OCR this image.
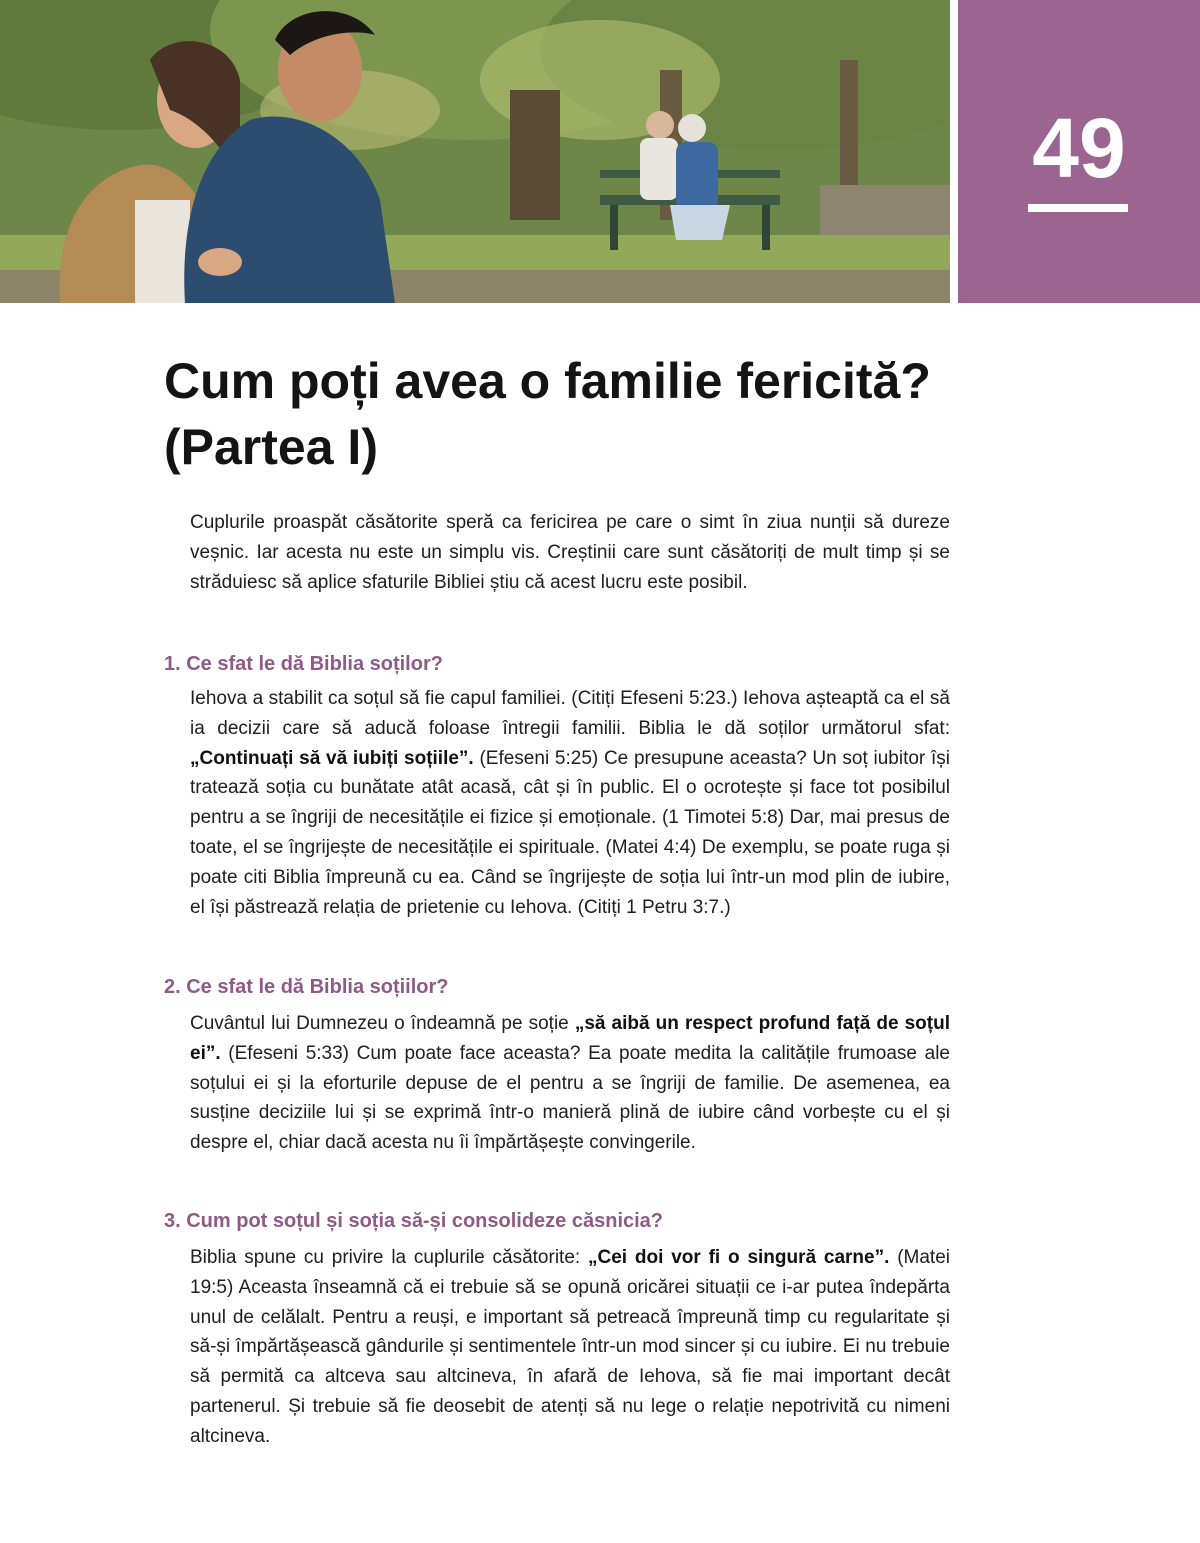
49
Cum poți avea o familie fericită? (Partea I)

Cuplurile proaspăt căsătorite speră ca fericirea pe care o simt în ziua nunții să dureze veșnic. Iar acesta nu este un simplu vis. Creștinii care sunt căsătoriți de mult timp și se străduiesc să aplice sfaturile Bibliei știu că acest lucru este posibil.

1. Ce sfat le dă Biblia soților?

Iehova a stabilit ca soțul să fie capul familiei. (Citiți Efeseni 5:23.) Iehova așteaptă ca el să ia decizii care să aducă foloase întregii familii. Biblia le dă soților următorul sfat: „Continuați să vă iubiți soțiile”. (Efeseni 5:25) Ce presupune aceasta? Un soț iubitor își tratează soția cu bunătate atât acasă, cât și în public. El o ocrotește și face tot posibilul pentru a se îngriji de necesitățile ei fizice și emoționale. (1 Timotei 5:8) Dar, mai presus de toate, el se îngrijește de necesitățile ei spirituale. (Matei 4:4) De exemplu, se poate ruga și poate citi Biblia împreună cu ea. Când se îngrijește de soția lui într-un mod plin de iubire, el își păstrează relația de prietenie cu Iehova. (Citiți 1 Petru 3:7.)

2. Ce sfat le dă Biblia soțiilor?

Cuvântul lui Dumnezeu o îndeamnă pe soție „să aibă un respect profund față de soțul ei”. (Efeseni 5:33) Cum poate face aceasta? Ea poate medita la calitățile frumoase ale soțului ei și la eforturile depuse de el pentru a se îngriji de familie. De asemenea, ea susține deciziile lui și se exprimă într-o manieră plină de iubire când vorbește cu el și despre el, chiar dacă acesta nu îi împărtășește convingerile.

3. Cum pot soțul și soția să-și consolideze căsnicia?

Biblia spune cu privire la cuplurile căsătorite: „Cei doi vor fi o singură carne”. (Matei 19:5) Aceasta înseamnă că ei trebuie să se opună oricărei situații ce i-ar putea îndepărta unul de celălalt. Pentru a reuși, e important să petreacă împreună timp cu regularitate și să-și împărtășească gândurile și sentimentele într-un mod sincer și cu iubire. Ei nu trebuie să permită ca altceva sau altcineva, în afară de Iehova, să fie mai important decât partenerul. Și trebuie să fie deosebit de atenți să nu lege o relație nepotrivită cu nimeni altcineva.
